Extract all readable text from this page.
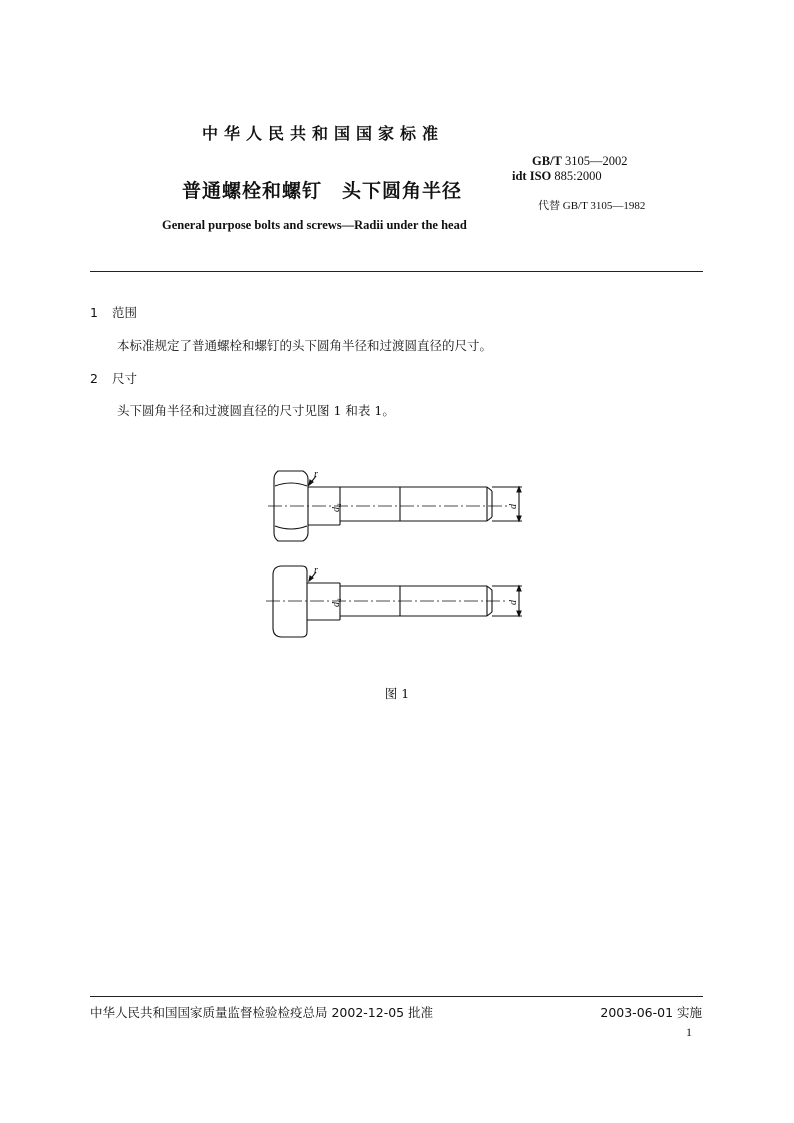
中华人民共和国国家标准
GB/T 3105—2002
idt ISO 885:2000
代替 GB/T 3105—1982
普通螺栓和螺钉　头下圆角半径
General purpose bolts and screws—Radii under the head
1 范围
本标准规定了普通螺栓和螺钉的头下圆角半径和过渡圆直径的尺寸。
2 尺寸
头下圆角半径和过渡圆直径的尺寸见图 1 和表 1。
r
r
$d_a$
$d_a$
d
d
图 1
中华人民共和国国家质量监督检验检疫总局 2002-12-05 批准	2003-06-01 实施
1
